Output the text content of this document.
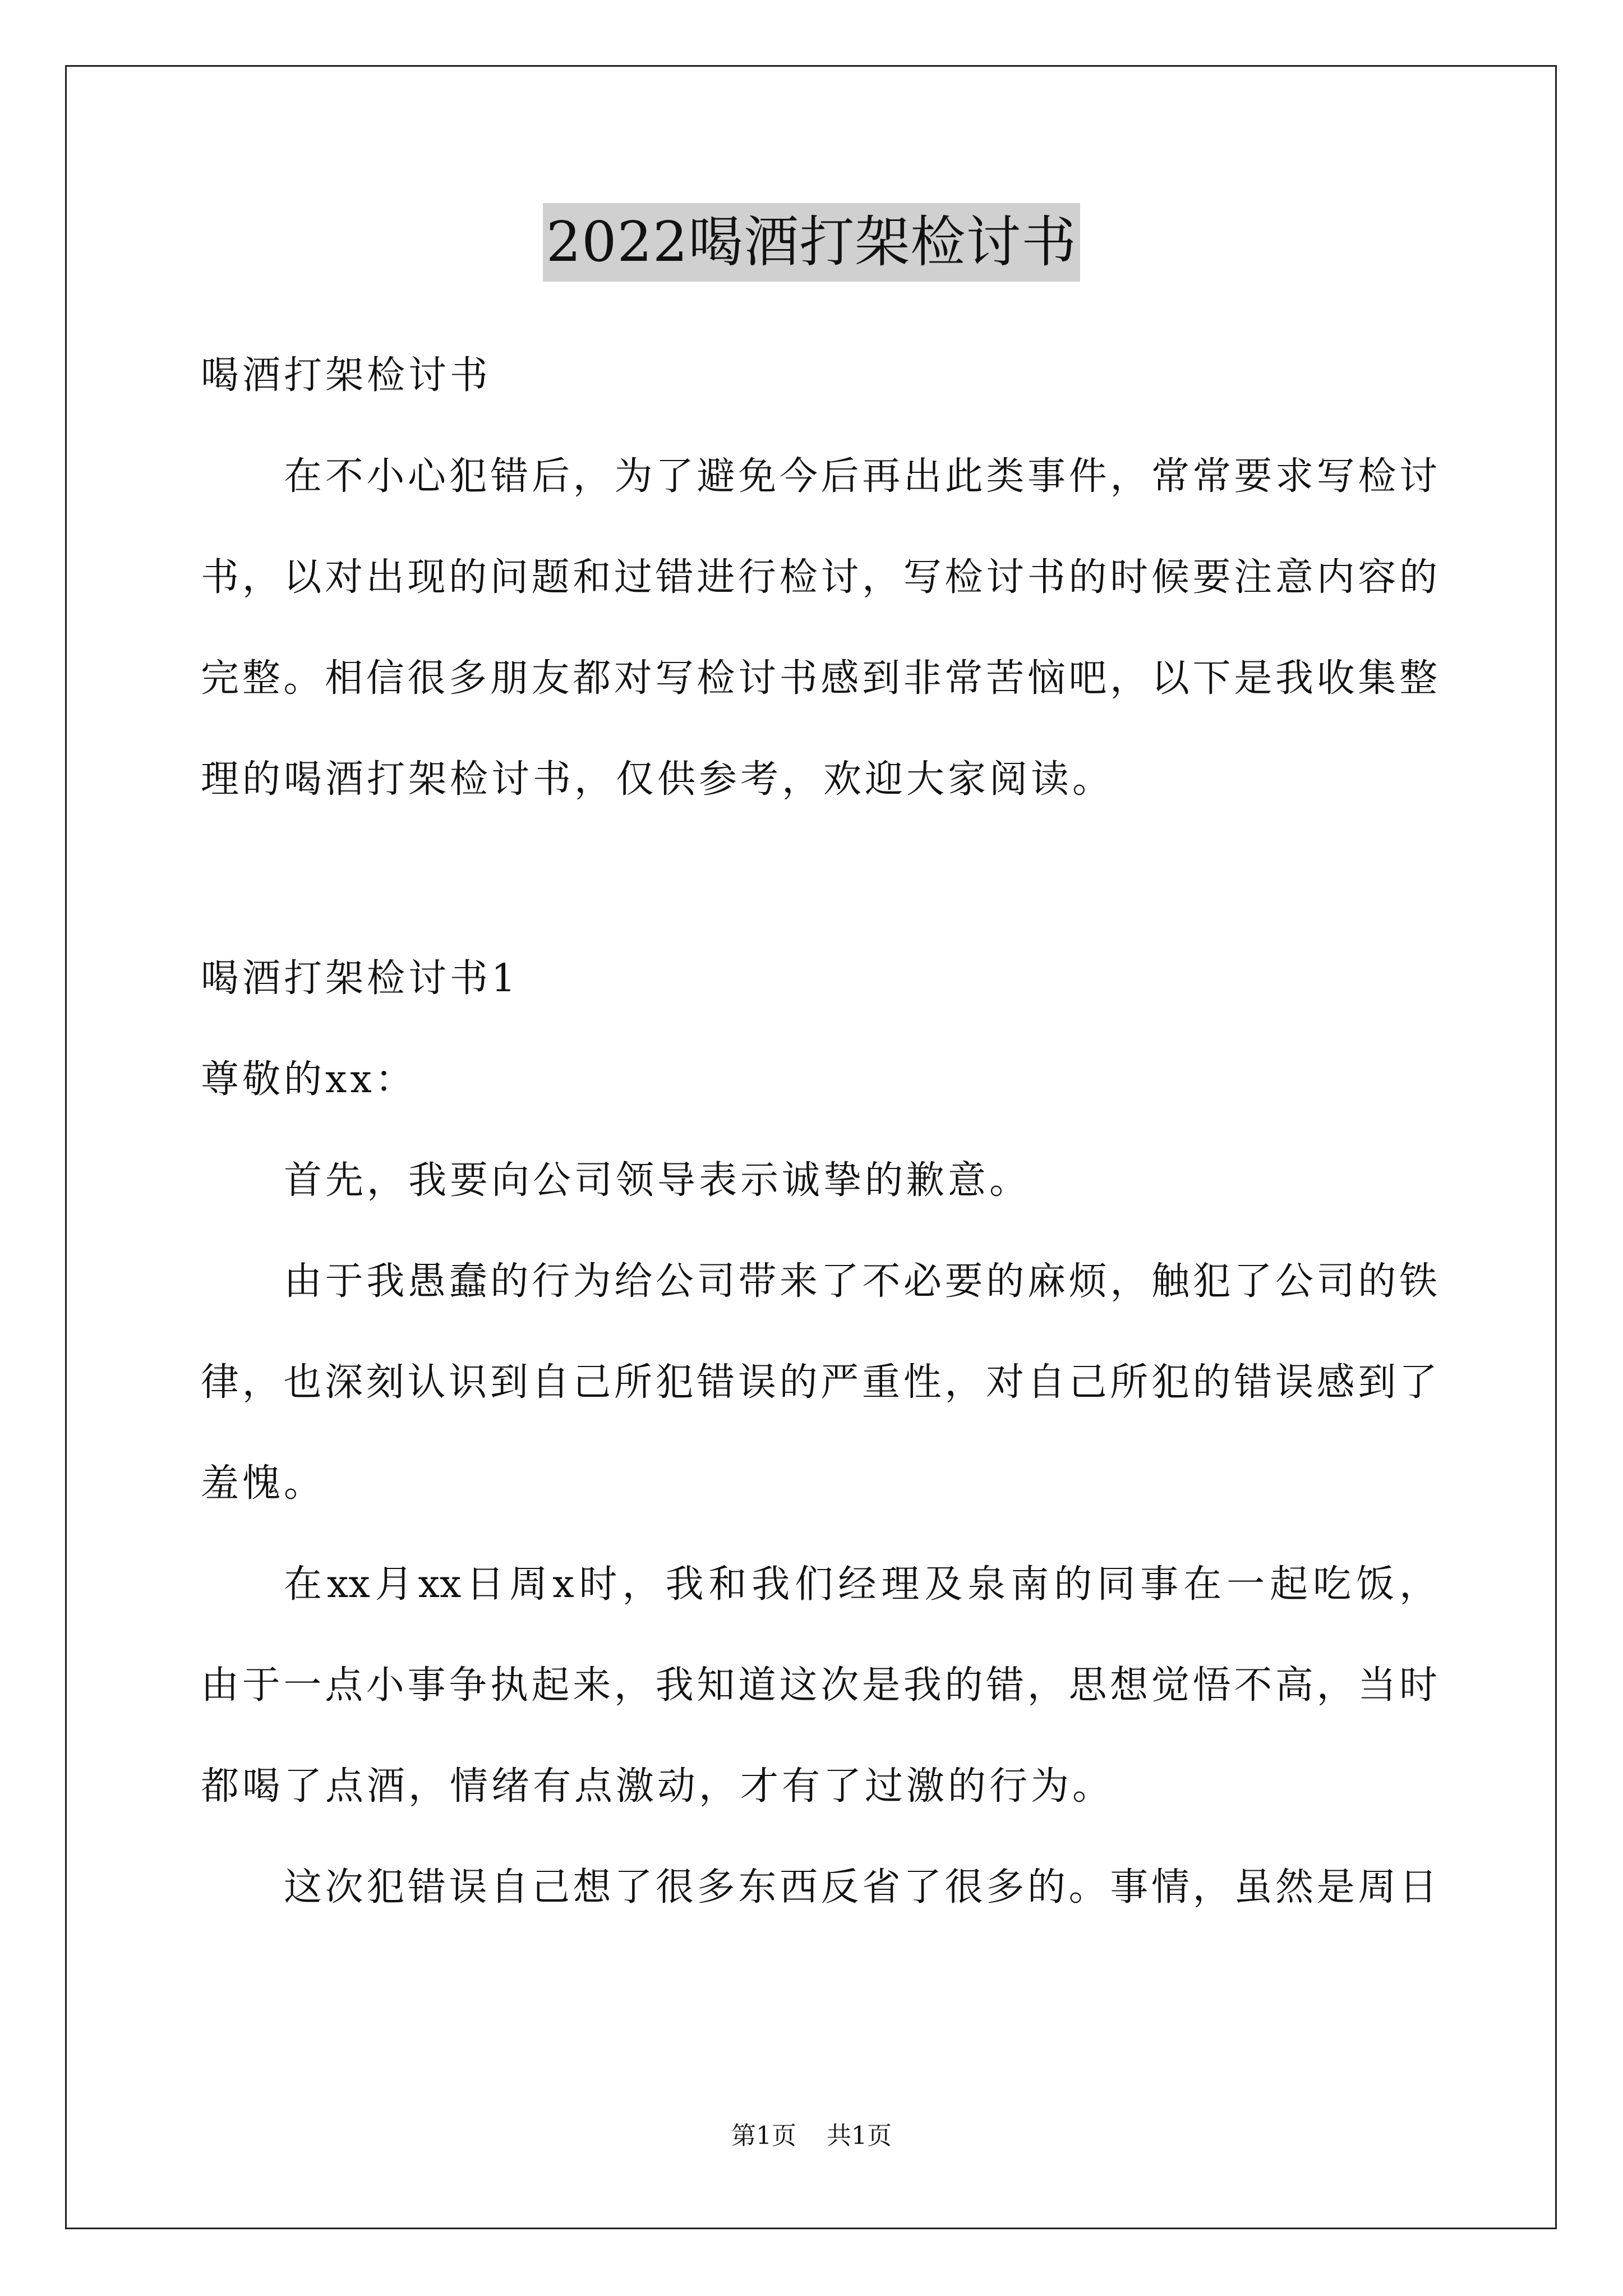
2022喝酒打架检讨书
喝酒打架检讨书
在不小心犯错后，为了避免今后再出此类事件，常常要求写检讨
书，以对出现的问题和过错进行检讨，写检讨书的时候要注意内容的
完整。相信很多朋友都对写检讨书感到非常苦恼吧，以下是我收集整
理的喝酒打架检讨书，仅供参考，欢迎大家阅读。
喝酒打架检讨书1
尊敬的xx：
首先，我要向公司领导表示诚挚的歉意。
由于我愚蠢的行为给公司带来了不必要的麻烦，触犯了公司的铁
律，也深刻认识到自己所犯错误的严重性，对自己所犯的错误感到了
羞愧。
在xx月xx日周x时，我和我们经理及泉南的同事在一起吃饭，
由于一点小事争执起来，我知道这次是我的错，思想觉悟不高，当时
都喝了点酒，情绪有点激动，才有了过激的行为。
这次犯错误自己想了很多东西反省了很多的。事情，虽然是周日
第1页 共1页
